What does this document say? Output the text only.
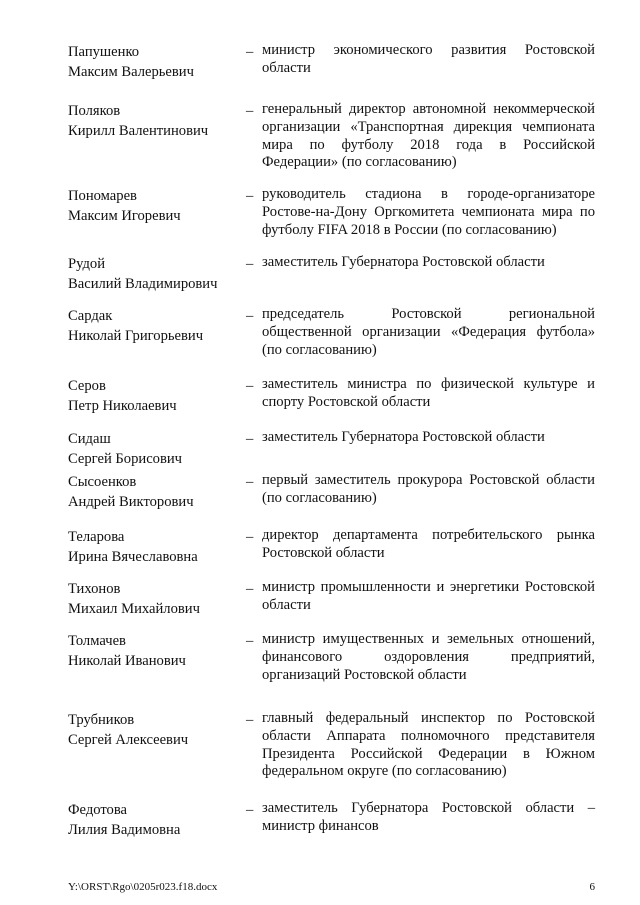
Папушенко
Максим Валерьевич
– министр экономического развития Ростовской области
Поляков
Кирилл Валентинович
– генеральный директор автономной некоммерческой организации «Транспортная дирекция чемпионата мира по футболу 2018 года в Российской Федерации» (по согласованию)
Пономарев
Максим Игоревич
– руководитель стадиона в городе-организаторе Ростове-на-Дону Оргкомитета чемпионата мира по футболу FIFA 2018 в России (по согласованию)
Рудой
Василий Владимирович
– заместитель Губернатора Ростовской области
Сардак
Николай Григорьевич
– председатель Ростовской региональной общественной организации «Федерация футбола» (по согласованию)
Серов
Петр Николаевич
– заместитель министра по физической культуре и спорту Ростовской области
Сидаш
Сергей Борисович
– заместитель Губернатора Ростовской области
Сысоенков
Андрей Викторович
– первый заместитель прокурора Ростовской области (по согласованию)
Теларова
Ирина Вячеславовна
– директор департамента потребительского рынка Ростовской области
Тихонов
Михаил Михайлович
– министр промышленности и энергетики Ростовской области
Толмачев
Николай Иванович
– министр имущественных и земельных отношений, финансового оздоровления предприятий, организаций Ростовской области
Трубников
Сергей Алексеевич
– главный федеральный инспектор по Ростовской области Аппарата полномочного представителя Президента Российской Федерации в Южном федеральном округе (по согласованию)
Федотова
Лилия Вадимовна
– заместитель Губернатора Ростовской области – министр финансов
Y:\ORST\Rgo\0205r023.f18.docx	6
